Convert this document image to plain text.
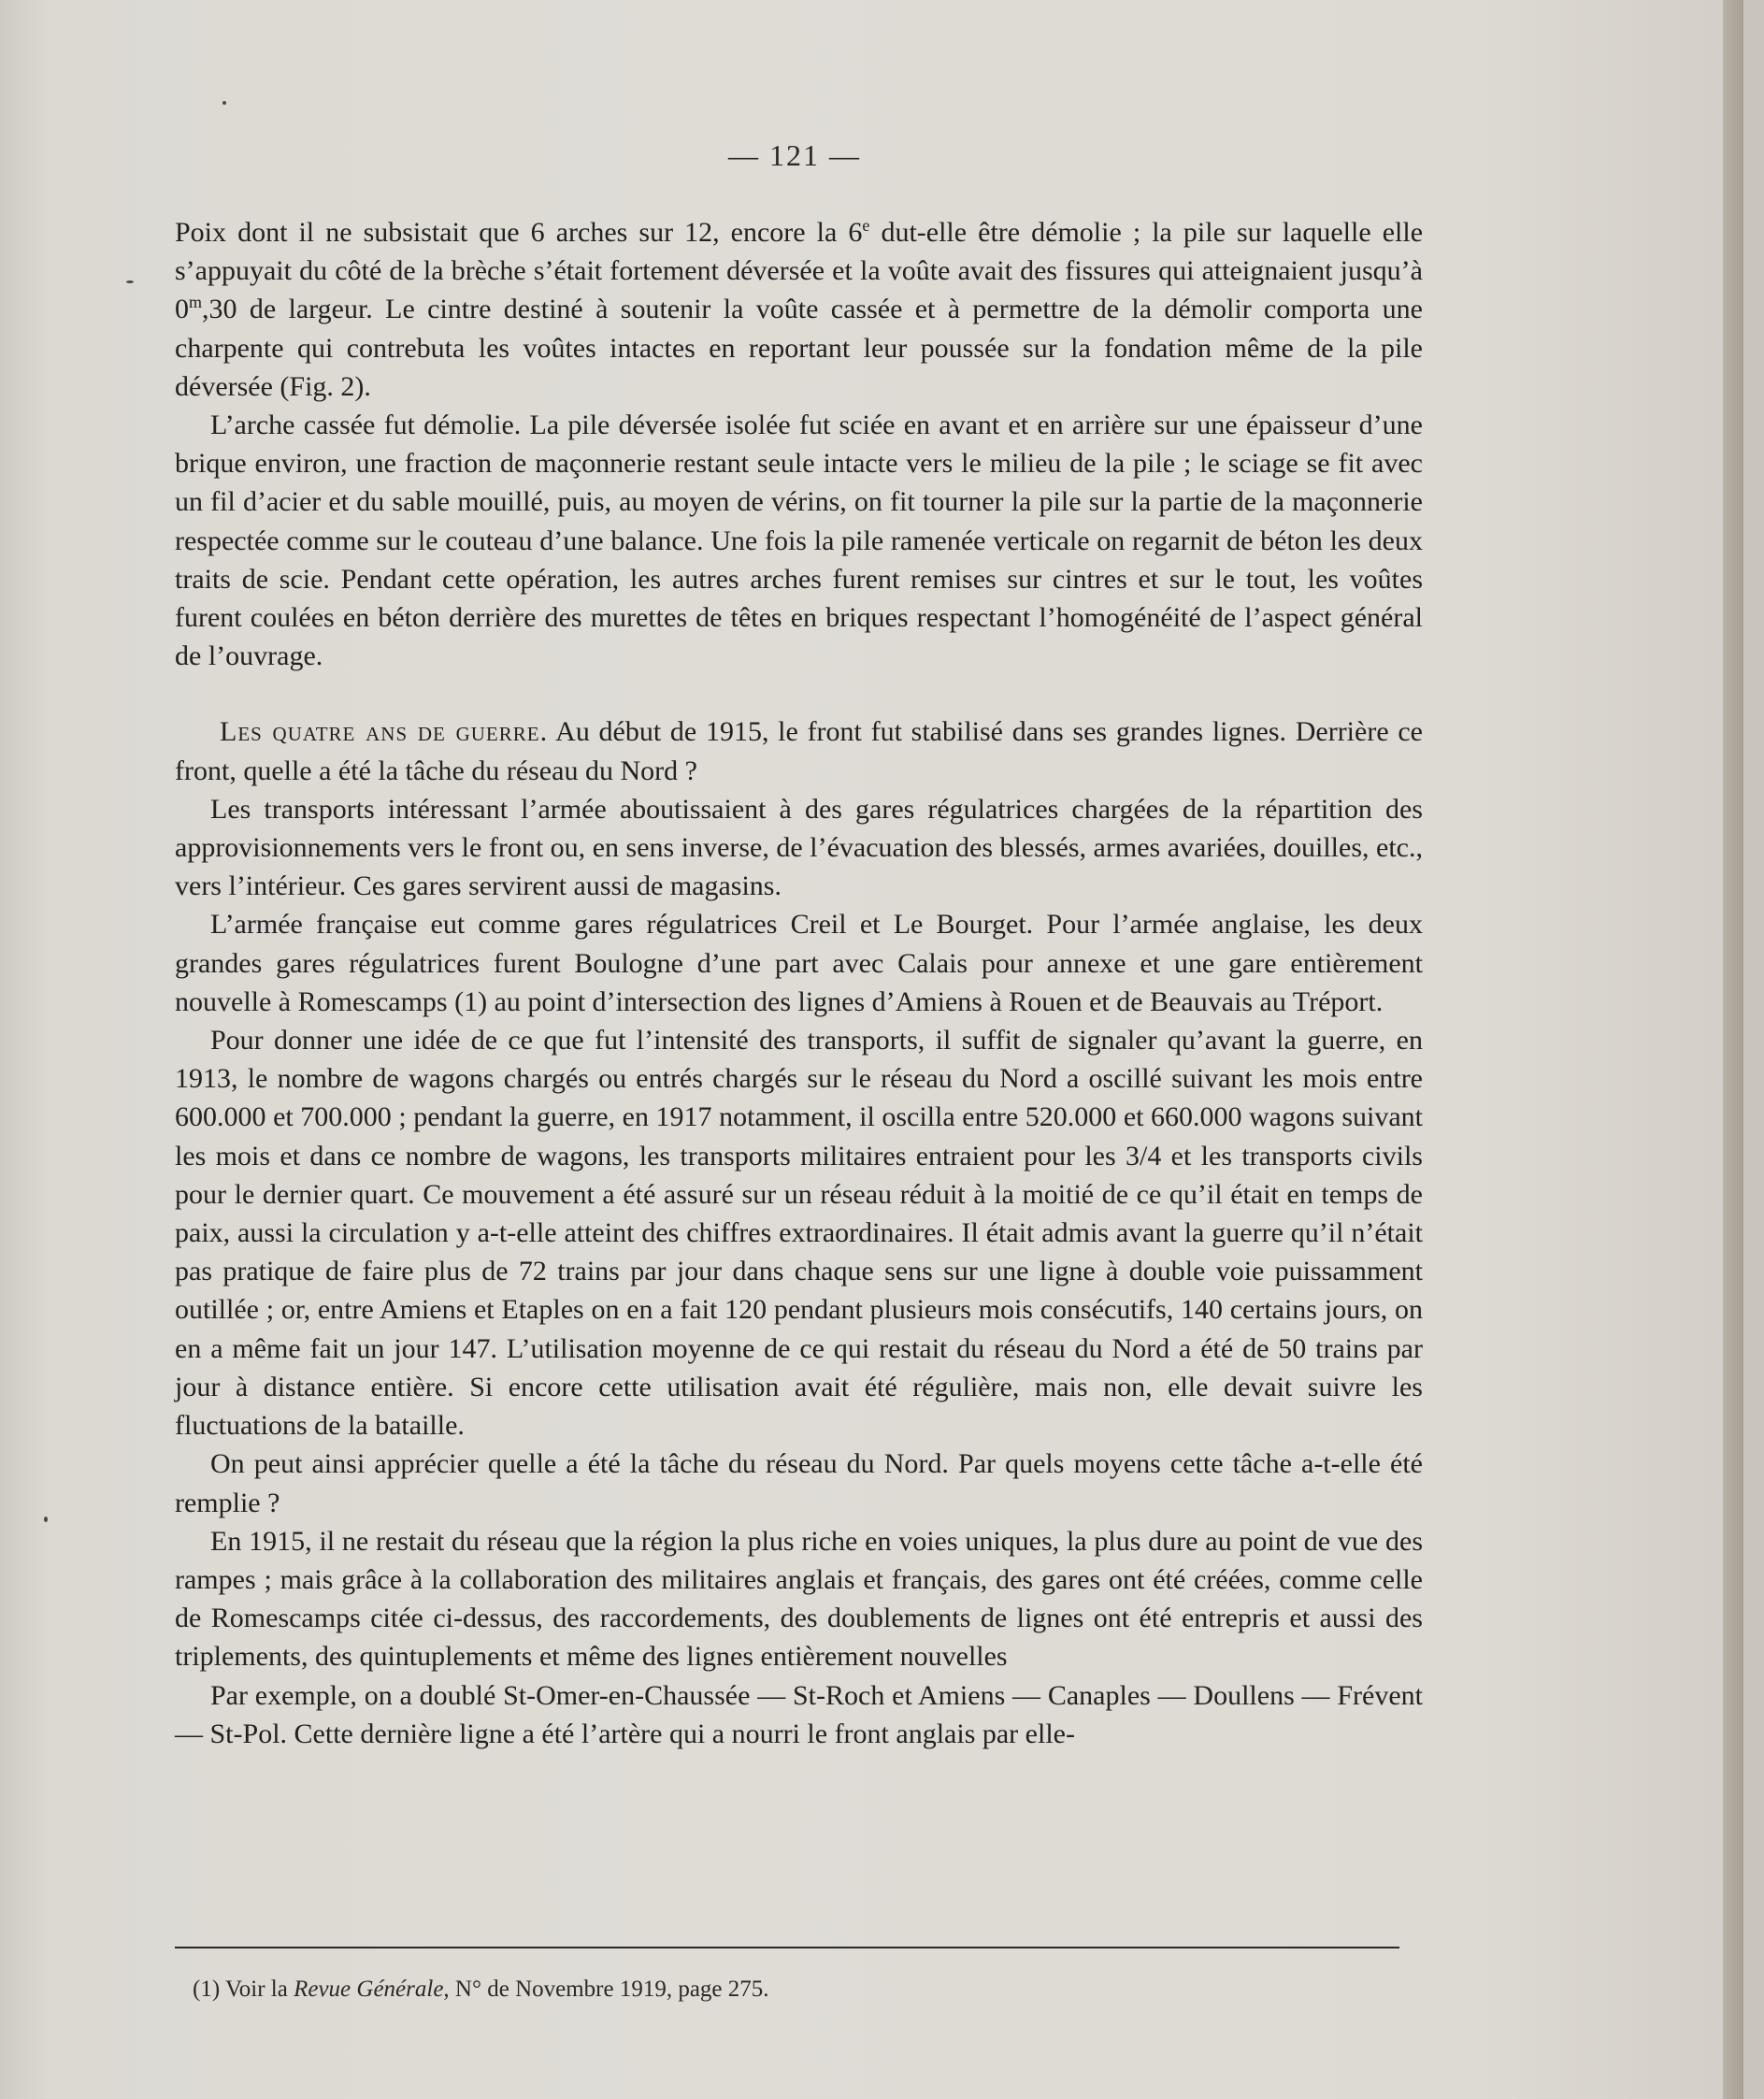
— 121 —

Poix dont il ne subsistait que 6 arches sur 12, encore la 6e dut-elle être démolie ; la pile sur laquelle elle s’appuyait du côté de la brèche s’était fortement déversée et la voûte avait des fissures qui atteignaient jusqu’à 0$^m$,30 de largeur. Le cintre destiné à soutenir la voûte cassée et à permettre de la démolir comporta une charpente qui contrebuta les voûtes intactes en reportant leur poussée sur la fondation même de la pile déversée (Fig. 2).

L’arche cassée fut démolie. La pile déversée isolée fut sciée en avant et en arrière sur une épaisseur d’une brique environ, une fraction de maçonnerie restant seule intacte vers le milieu de la pile ; le sciage se fit avec un fil d’acier et du sable mouillé, puis, au moyen de vérins, on fit tourner la pile sur la partie de la maçonnerie respectée comme sur le couteau d’une balance. Une fois la pile ramenée verticale on regarnit de béton les deux traits de scie. Pendant cette opération, les autres arches furent remises sur cintres et sur le tout, les voûtes furent coulées en béton derrière des murettes de têtes en briques respectant l’homogénéité de l’aspect général de l’ouvrage.

Les quatre ans de guerre. Au début de 1915, le front fut stabilisé dans ses grandes lignes. Derrière ce front, quelle a été la tâche du réseau du Nord ?

Les transports intéressant l’armée aboutissaient à des gares régulatrices chargées de la répartition des approvisionnements vers le front ou, en sens inverse, de l’évacuation des blessés, armes avariées, douilles, etc., vers l’intérieur. Ces gares servirent aussi de magasins.

L’armée française eut comme gares régulatrices Creil et Le Bourget. Pour l’armée anglaise, les deux grandes gares régulatrices furent Boulogne d’une part avec Calais pour annexe et une gare entièrement nouvelle à Romescamps (1) au point d’intersection des lignes d’Amiens à Rouen et de Beauvais au Tréport.

Pour donner une idée de ce que fut l’intensité des transports, il suffit de signaler qu’avant la guerre, en 1913, le nombre de wagons chargés ou entrés chargés sur le réseau du Nord a oscillé suivant les mois entre 600.000 et 700.000 ; pendant la guerre, en 1917 notamment, il oscilla entre 520.000 et 660.000 wagons suivant les mois et dans ce nombre de wagons, les transports militaires entraient pour les 3/4 et les transports civils pour le dernier quart. Ce mouvement a été assuré sur un réseau réduit à la moitié de ce qu’il était en temps de paix, aussi la circulation y a-t-elle atteint des chiffres extraordinaires. Il était admis avant la guerre qu’il n’était pas pratique de faire plus de 72 trains par jour dans chaque sens sur une ligne à double voie puissamment outillée ; or, entre Amiens et Etaples on en a fait 120 pendant plusieurs mois consécutifs, 140 certains jours, on en a même fait un jour 147. L’utilisation moyenne de ce qui restait du réseau du Nord a été de 50 trains par jour à distance entière. Si encore cette utilisation avait été régulière, mais non, elle devait suivre les fluctuations de la bataille.

On peut ainsi apprécier quelle a été la tâche du réseau du Nord. Par quels moyens cette tâche a-t-elle été remplie ?

En 1915, il ne restait du réseau que la région la plus riche en voies uniques, la plus dure au point de vue des rampes ; mais grâce à la collaboration des militaires anglais et français, des gares ont été créées, comme celle de Romescamps citée ci-dessus, des raccordements, des doublements de lignes ont été entrepris et aussi des triplements, des quintuplements et même des lignes entièrement nouvelles

Par exemple, on a doublé St-Omer-en-Chaussée — St-Roch et Amiens — Canaples — Doullens — Frévent — St-Pol. Cette dernière ligne a été l’artère qui a nourri le front anglais par elle-

(1) Voir la Revue Générale, N° de Novembre 1919, page 275.
